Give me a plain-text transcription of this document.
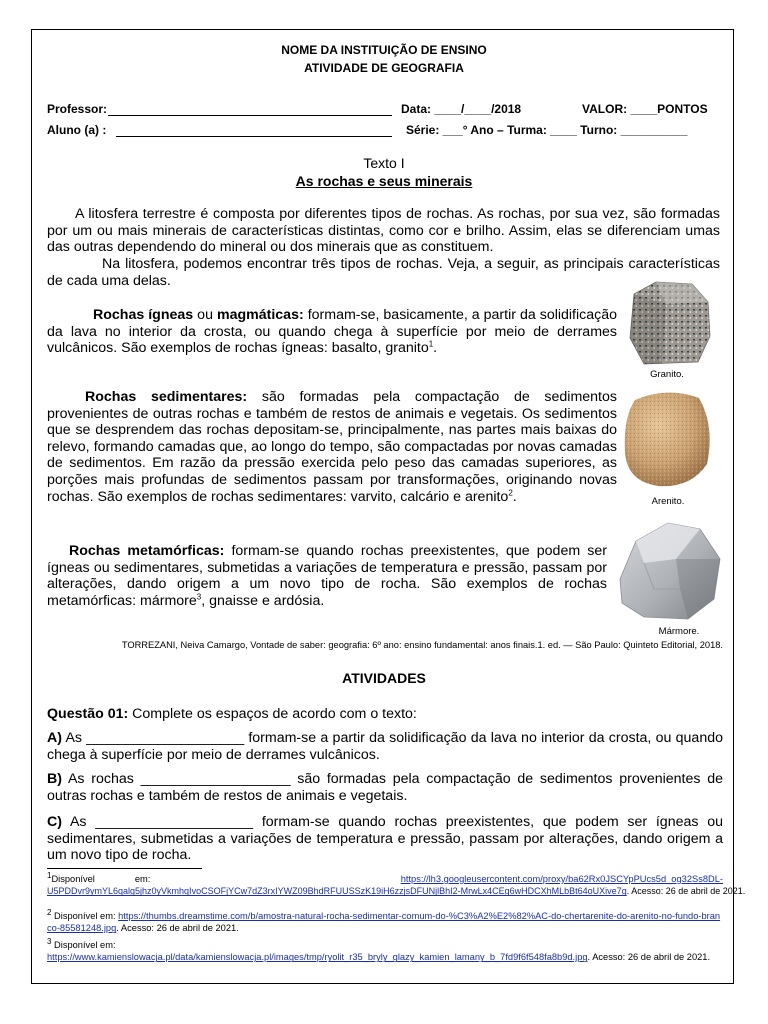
NOME DA INSTITUIÇÃO DE ENSINO
ATIVIDADE DE GEOGRAFIA
Professor:	Data: ____/____/2018	VALOR: ____PONTOS
Aluno (a) :	Série: ___° Ano – Turma: ____ Turno: __________
Texto I
As rochas e seus minerais
A litosfera terrestre é composta por diferentes tipos de rochas. As rochas, por sua vez, são formadas por um ou mais minerais de características distintas, como cor e brilho. Assim, elas se diferenciam umas das outras dependendo do mineral ou dos minerais que as constituem.
Na litosfera, podemos encontrar três tipos de rochas. Veja, a seguir, as principais características de cada uma delas.
Rochas ígneas ou magmáticas: formam-se, basicamente, a partir da solidificação da lava no interior da crosta, ou quando chega à superfície por meio de derrames vulcânicos. São exemplos de rochas ígneas: basalto, granito$^1$.
Granito.
Rochas sedimentares: são formadas pela compactação de sedimentos provenientes de outras rochas e também de restos de animais e vegetais. Os sedimentos que se desprendem das rochas depositam-se, principalmente, nas partes mais baixas do relevo, formando camadas que, ao longo do tempo, são compactadas por novas camadas de sedimentos. Em razão da pressão exercida pelo peso das camadas superiores, as porções mais profundas de sedimentos passam por transformações, originando novas rochas. São exemplos de rochas sedimentares: varvito, calcário e arenito$^2$.	Arenito.
Rochas metamórficas: formam-se quando rochas preexistentes, que podem ser ígneas ou sedimentares, submetidas a variações de temperatura e pressão, passam por alterações, dando origem a um novo tipo de rocha. São exemplos de rochas metamórficas: mármore$^3$, gnaisse e ardósia.
Mármore.
TORREZANI, Neiva Camargo, Vontade de saber: geografia: 6º ano: ensino fundamental: anos finais.1. ed. — São Paulo: Quinteto Editorial, 2018.
ATIVIDADES
Questão 01: Complete os espaços de acordo com o texto:
A) As ____________________ formam-se a partir da solidificação da lava no interior da crosta, ou quando chega à superfície por meio de derrames vulcânicos.
B) As rochas ___________________ são formadas pela compactação de sedimentos provenientes de outras rochas e também de restos de animais e vegetais.
C) As ____________________ formam-se quando rochas preexistentes, que podem ser ígneas ou sedimentares, submetidas a variações de temperatura e pressão, passam por alterações, dando origem a um novo tipo de rocha.
$^1$Disponível	em:	https://lh3.googleusercontent.com/proxy/ba62Rx0JSCYpPUcs5d_og32Ss8DL-
U5PDDvr9ymYL6qalg5jhz0yVkmhqIvoCSOFjYCw7dZ3rxIYWZ09BhdRFUUSSzK19iH6zzjsDFUNjlBhI2-MrwLx4CEg6wHDCXhMLbBt64oUXive7g. Acesso: 26 de abril de 2021.
$^2$ Disponível em: https://thumbs.dreamstime.com/b/amostra-natural-rocha-sedimentar-comum-do-%C3%A2%E2%82%AC-do-chertarenite-do-arenito-no-fundo-branco-85581248.jpg. Acesso: 26 de abril de 2021.
$^3$ Disponível em:
https://www.kamienslowacja.pl/data/kamienslowacja.pl/images/tmp/ryolit_r35_bryly_glazy_kamien_lamany_b_7fd9f6f548fa8b9d.jpg. Acesso: 26 de abril de 2021.
